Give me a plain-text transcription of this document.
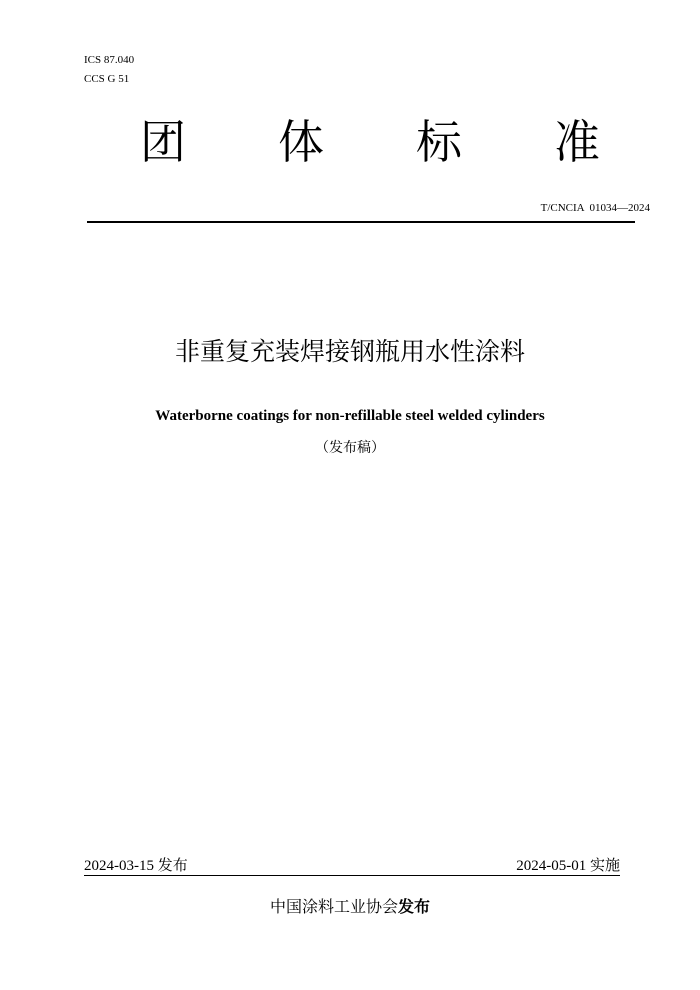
ICS 87.040
CCS G 51
团 体 标 准
T/CNCIA  01034—2024
非重复充装焊接钢瓶用水性涂料
Waterborne coatings for non-refillable steel welded cylinders
（发布稿）
2024-03-15 发布	2024-05-01 实施
中国涂料工业协会发布
